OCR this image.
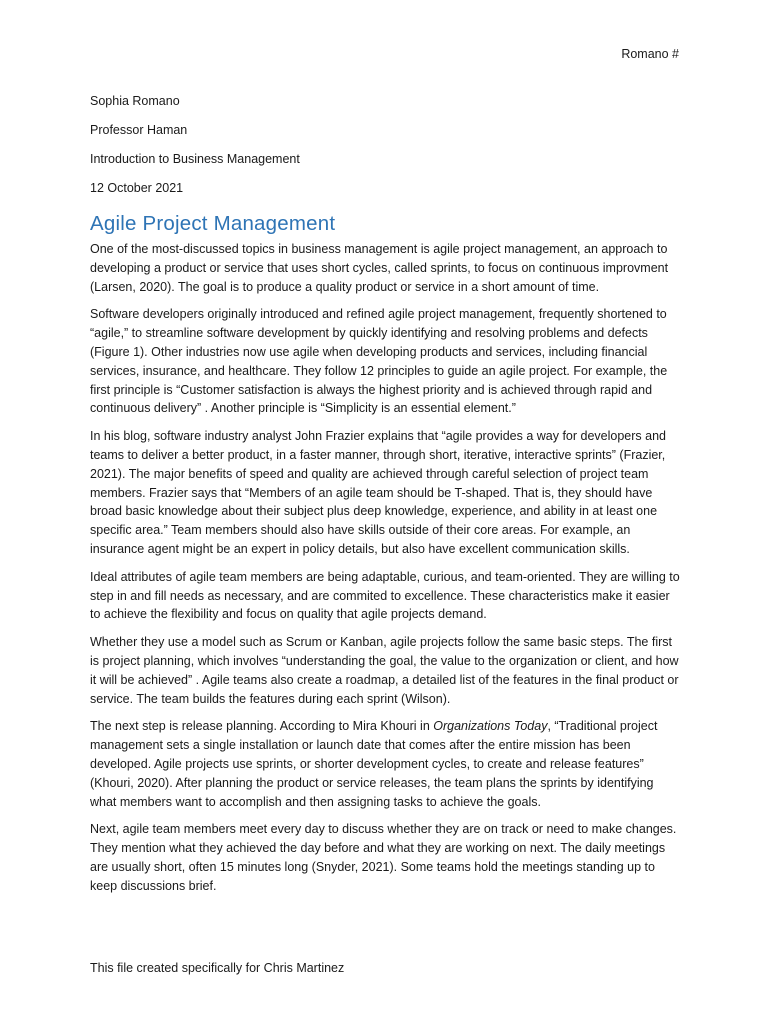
Romano #

Sophia Romano

Professor Haman

Introduction to Business Management

12 October 2021

Agile Project Management

One of the most-discussed topics in business management is agile project management, an approach to developing a product or service that uses short cycles, called sprints, to focus on continuous improvment (Larsen, 2020). The goal is to produce a quality product or service in a short amount of time.

Software developers originally introduced and refined agile project management, frequently shortened to “agile,” to streamline software development by quickly identifying and resolving problems and defects (Figure 1). Other industries now use agile when developing products and services, including financial services, insurance, and healthcare. They follow 12 principles to guide an agile project. For example, the first principle is “Customer satisfaction is always the highest priority and is achieved through rapid and continuous delivery” . Another principle is “Simplicity is an essential element.”

In his blog, software industry analyst John Frazier explains that “agile provides a way for developers and teams to deliver a better product, in a faster manner, through short, iterative, interactive sprints” (Frazier, 2021). The major benefits of speed and quality are achieved through careful selection of project team members. Frazier says that “Members of an agile team should be T-shaped. That is, they should have broad basic knowledge about their subject plus deep knowledge, experience, and ability in at least one specific area.” Team members should also have skills outside of their core areas. For example, an insurance agent might be an expert in policy details, but also have excellent communication skills.

Ideal attributes of agile team members are being adaptable, curious, and team-oriented. They are willing to step in and fill needs as necessary, and are commited to excellence. These characteristics make it easier to achieve the flexibility and focus on quality that agile projects demand.

Whether they use a model such as Scrum or Kanban, agile projects follow the same basic steps. The first is project planning, which involves “understanding the goal, the value to the organization or client, and how it will be achieved” . Agile teams also create a roadmap, a detailed list of the features in the final product or service. The team builds the features during each sprint (Wilson).

The next step is release planning. According to Mira Khouri in Organizations Today, “Traditional project management sets a single installation or launch date that comes after the entire mission has been developed. Agile projects use sprints, or shorter development cycles, to create and release features” (Khouri, 2020). After planning the product or service releases, the team plans the sprints by identifying what members want to accomplish and then assigning tasks to achieve the goals.

Next, agile team members meet every day to discuss whether they are on track or need to make changes. They mention what they achieved the day before and what they are working on next. The daily meetings are usually short, often 15 minutes long (Snyder, 2021). Some teams hold the meetings standing up to keep discussions brief.

This file created specifically for Chris Martinez
